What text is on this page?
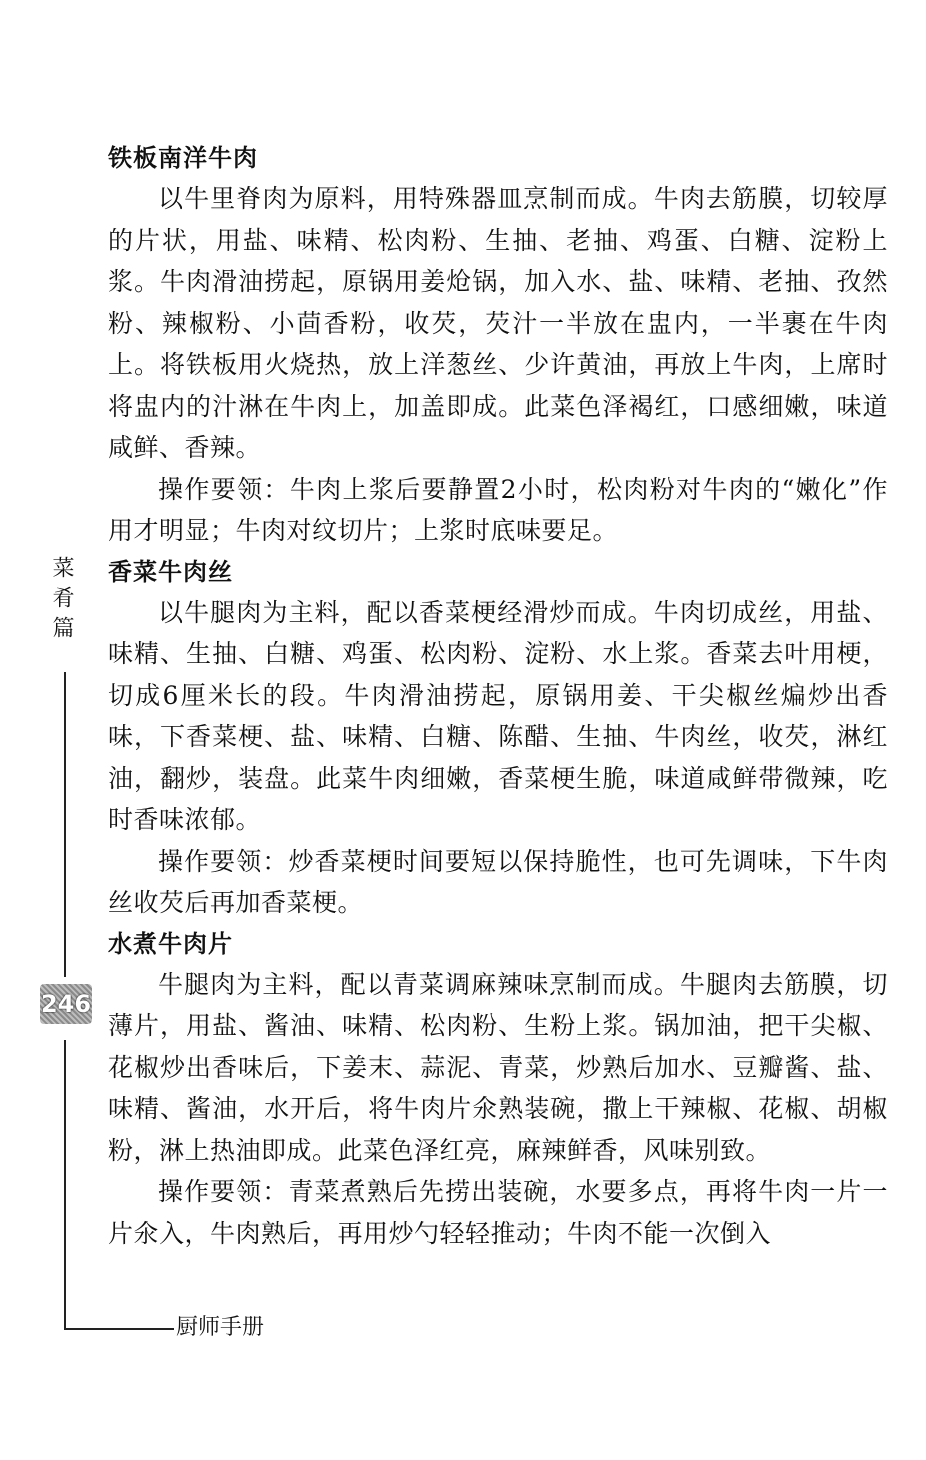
铁板南洋牛肉

以牛里脊肉为原料，用特殊器皿烹制而成。牛肉去筋膜，切较厚的片状，用盐、味精、松肉粉、生抽、老抽、鸡蛋、白糖、淀粉上浆。牛肉滑油捞起，原锅用姜炝锅，加入水、盐、味精、老抽、孜然粉、辣椒粉、小茴香粉，收芡，芡汁一半放在盅内，一半裹在牛肉上。将铁板用火烧热，放上洋葱丝、少许黄油，再放上牛肉，上席时将盅内的汁淋在牛肉上，加盖即成。此菜色泽褐红，口感细嫩，味道咸鲜、香辣。

操作要领：牛肉上浆后要静置2小时，松肉粉对牛肉的“嫩化”作用才明显；牛肉对纹切片；上浆时底味要足。

香菜牛肉丝

以牛腿肉为主料，配以香菜梗经滑炒而成。牛肉切成丝，用盐、味精、生抽、白糖、鸡蛋、松肉粉、淀粉、水上浆。香菜去叶用梗，切成6厘米长的段。牛肉滑油捞起，原锅用姜、干尖椒丝煸炒出香味，下香菜梗、盐、味精、白糖、陈醋、生抽、牛肉丝，收芡，淋红油，翻炒，装盘。此菜牛肉细嫩，香菜梗生脆，味道咸鲜带微辣，吃时香味浓郁。

操作要领：炒香菜梗时间要短以保持脆性，也可先调味，下牛肉丝收芡后再加香菜梗。

水煮牛肉片

牛腿肉为主料，配以青菜调麻辣味烹制而成。牛腿肉去筋膜，切薄片，用盐、酱油、味精、松肉粉、生粉上浆。锅加油，把干尖椒、花椒炒出香味后，下姜末、蒜泥、青菜，炒熟后加水、豆瓣酱、盐、味精、酱油，水开后，将牛肉片氽熟装碗，撒上干辣椒、花椒、胡椒粉，淋上热油即成。此菜色泽红亮，麻辣鲜香，风味别致。

操作要领：青菜煮熟后先捞出装碗，水要多点，再将牛肉一片一片氽入，牛肉熟后，再用炒勺轻轻推动；牛肉不能一次倒入

菜肴篇
246
厨师手册
